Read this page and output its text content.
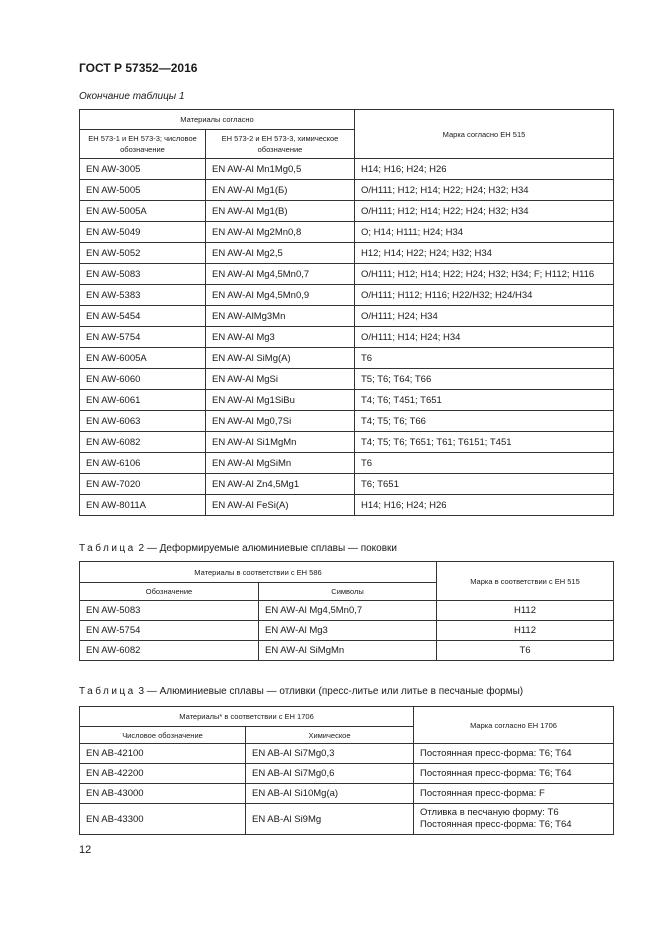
ГОСТ Р 57352—2016
Окончание таблицы 1
Материалы согласно		Марка согласно ЕН 515
ЕН 573-1 и ЕН 573-3; числовое обозначение	ЕН 573-2 и ЕН 573-3, химическое обозначение	
EN AW-3005	EN AW-Al Mn1Mg0,5	H14; H16; H24; H26
EN AW-5005	EN AW-Al Mg1(Б)	O/H111; H12; H14; H22; H24; H32; H34
EN AW-5005A	EN AW-Al Mg1(B)	O/H111; H12; H14; H22; H24; H32; H34
EN AW-5049	EN AW-Al Mg2Mn0,8	O; H14; H111; H24; H34
EN AW-5052	EN AW-Al Mg2,5	H12; H14; H22; H24; H32; H34
EN AW-5083	EN AW-Al Mg4,5Mn0,7	O/H111; H12; H14; H22; H24; H32; H34; F; H112; H116
EN AW-5383	EN AW-Al Mg4,5Mn0,9	O/H111; H112; H116; H22/H32; H24/H34
EN AW-5454	EN AW-AlMg3Mn	O/H111; H24; H34
EN AW-5754	EN AW-Al Mg3	O/H111; H14; H24; H34
EN AW-6005A	EN AW-Al SiMg(A)	T6
EN AW-6060	EN AW-Al MgSi	T5; T6; T64; T66
EN AW-6061	EN AW-Al Mg1SiBu	T4; T6; T451; T651
EN AW-6063	EN AW-Al Mg0,7Si	T4; T5; T6; T66
EN AW-6082	EN AW-Al Si1MgMn	T4; T5; T6; T651; T61; T6151; T451
EN AW-6106	EN AW-Al MgSiMn	T6
EN AW-7020	EN AW-Al Zn4,5Mg1	T6; T651
EN AW-8011A	EN AW-Al FeSi(A)	H14; H16; H24; H26
Таблица 2 — Деформируемые алюминиевые сплавы — поковки
Материалы в соответствии с ЕН 586		Марка в соответствии с ЕН 515
Обозначение	Символы	
EN AW-5083	EN AW-Al Mg4,5Mn0,7	H112
EN AW-5754	EN AW-Al Mg3	H112
EN AW-6082	EN AW-Al SiMgMn	T6
Таблица 3 — Алюминиевые сплавы — отливки (пресс-литье или литье в песчаные формы)
Материалы* в соответствии с ЕН 1706		Марка согласно ЕН 1706
Числовое обозначение	Химическое	
EN AB-42100	EN AB-Al Si7Mg0,3	Постоянная пресс-форма: T6; T64
EN AB-42200	EN AB-Al Si7Mg0,6	Постоянная пресс-форма: T6; T64
EN AB-43000	EN AB-Al Si10Mg(a)	Постоянная пресс-форма: F
EN AB-43300	EN AB-Al Si9Mg	Отливка в песчаную форму: T6
Постоянная пресс-форма: T6; T64
12
